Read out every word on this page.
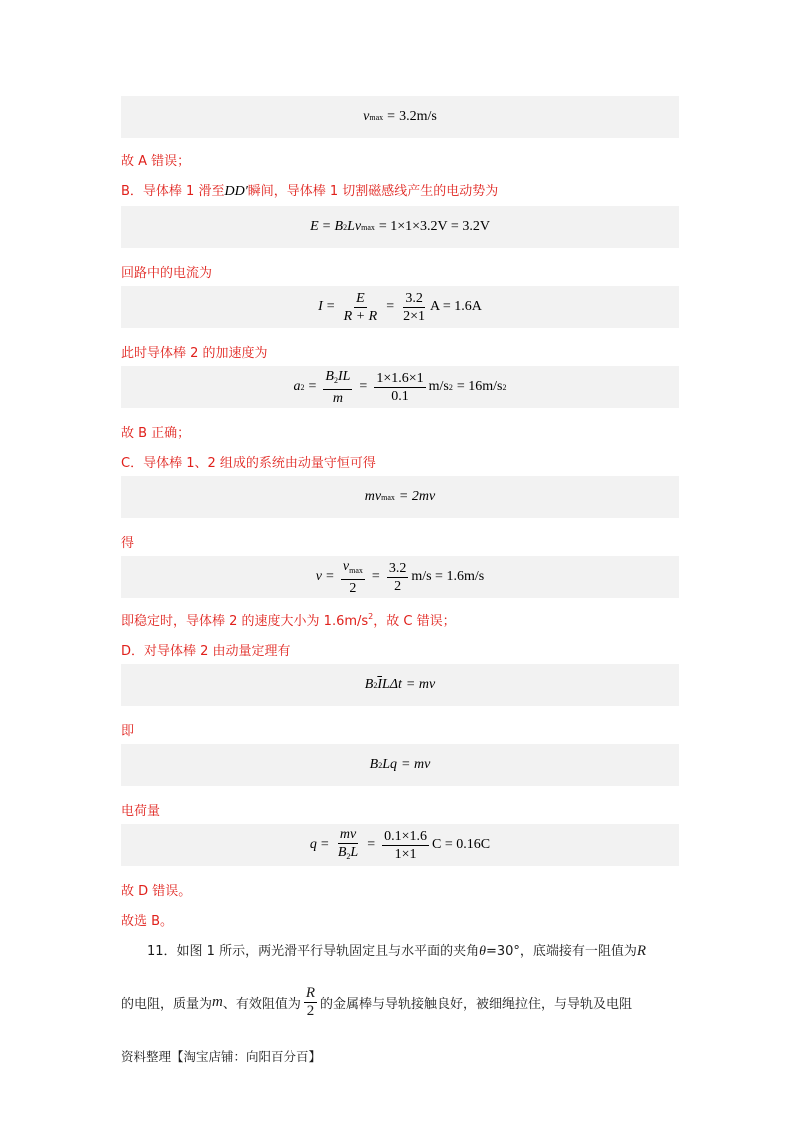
v max = 3.2m/s
故 A 错误；
B．导体棒 1 滑至DD′瞬间，导体棒 1 切割磁感线产生的电动势为
E = B 2 Lv max = 1×1×3.2V = 3.2V
回路中的电流为
$I = \frac{E}{R + R} = \frac{3.2}{2\times 1}$ A = 1.6A
此时导体棒 2 的加速度为
a $2 = \frac{B_2IL}{m} = \frac{1\times 1.6\times 1}{0.1} m/s$ 2 = 16m/s 2
故 B 正确；
C．导体棒 1、2 组成的系统由动量守恒可得
mv max = 2mv
得
$v = \frac{v_{max}}{2} = \frac{3.2}{2} m/s = 1.6m/s$
即稳定时，导体棒 2 的速度大小为 $1.6m/s^2$，故 C 错误；
D．对导体棒 2 由动量定理有
B 2 $\overline{I}$ LΔt = mv
即
B 2 Lq = mv
电荷量
$q = \frac{mv}{B_2L} = \frac{0.1\times 1.6}{1\times 1}$ C = 0.16C
故 D 错误。
故选 B。
11．如图 1 所示，两光滑平行导轨固定且与水平面的夹角θ=30°，底端接有一阻值为R
的电阻，质量为 m 、有效阻值为 $\frac{R}{2}$ 的金属棒与导轨接触良好，被细绳拉住，与导轨及电阻
资料整理【淘宝店铺：向阳百分百】
